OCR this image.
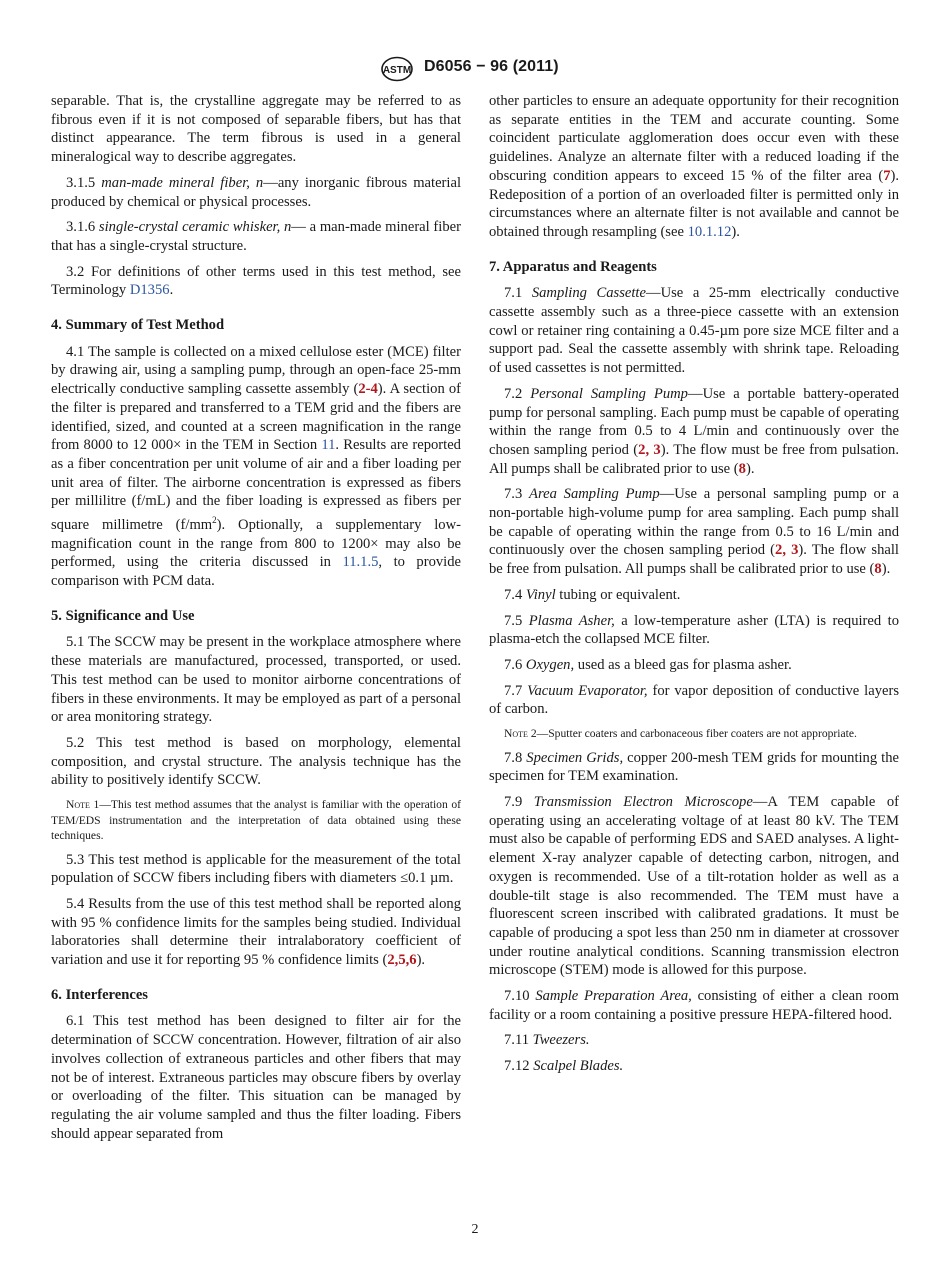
ASTM D6056 − 96 (2011)

separable. That is, the crystalline aggregate may be referred to as fibrous even if it is not composed of separable fibers, but has that distinct appearance. The term fibrous is used in a general mineralogical way to describe aggregates.

3.1.5 man-made mineral fiber, n—any inorganic fibrous material produced by chemical or physical processes.

3.1.6 single-crystal ceramic whisker, n— a man-made mineral fiber that has a single-crystal structure.

3.2 For definitions of other terms used in this test method, see Terminology D1356.

4. Summary of Test Method

4.1 The sample is collected on a mixed cellulose ester (MCE) filter by drawing air, using a sampling pump, through an open-face 25-mm electrically conductive sampling cassette assembly (2-4). A section of the filter is prepared and transferred to a TEM grid and the fibers are identified, sized, and counted at a screen magnification in the range from 8000 to 12 000× in the TEM in Section 11. Results are reported as a fiber concentration per unit volume of air and a fiber loading per unit area of filter. The airborne concentration is expressed as fibers per millilitre (f/mL) and the fiber loading is expressed as fibers per square millimetre $(f/mm^2)$. Optionally, a supplementary low-magnification count in the range from 800 to 1200× may also be performed, using the criteria discussed in 11.1.5, to provide comparison with PCM data.

5. Significance and Use

5.1 The SCCW may be present in the workplace atmosphere where these materials are manufactured, processed, transported, or used. This test method can be used to monitor airborne concentrations of fibers in these environments. It may be employed as part of a personal or area monitoring strategy.

5.2 This test method is based on morphology, elemental composition, and crystal structure. The analysis technique has the ability to positively identify SCCW.

Note 1—This test method assumes that the analyst is familiar with the operation of TEM/EDS instrumentation and the interpretation of data obtained using these techniques.

5.3 This test method is applicable for the measurement of the total population of SCCW fibers including fibers with diameters ≤0.1 µm.

5.4 Results from the use of this test method shall be reported along with 95 % confidence limits for the samples being studied. Individual laboratories shall determine their intralaboratory coefficient of variation and use it for reporting 95 % confidence limits (2,5,6).

6. Interferences

6.1 This test method has been designed to filter air for the determination of SCCW concentration. However, filtration of air also involves collection of extraneous particles and other fibers that may not be of interest. Extraneous particles may obscure fibers by overlay or overloading of the filter. This situation can be managed by regulating the air volume sampled and thus the filter loading. Fibers should appear separated from

other particles to ensure an adequate opportunity for their recognition as separate entities in the TEM and accurate counting. Some coincident particulate agglomeration does occur even with these guidelines. Analyze an alternate filter with a reduced loading if the obscuring condition appears to exceed 15 % of the filter area (7). Redeposition of a portion of an overloaded filter is permitted only in circumstances where an alternate filter is not available and cannot be obtained through resampling (see 10.1.12).

7. Apparatus and Reagents

7.1 Sampling Cassette—Use a 25-mm electrically conductive cassette assembly such as a three-piece cassette with an extension cowl or retainer ring containing a 0.45-µm pore size MCE filter and a support pad. Seal the cassette assembly with shrink tape. Reloading of used cassettes is not permitted.

7.2 Personal Sampling Pump—Use a portable battery-operated pump for personal sampling. Each pump must be capable of operating within the range from 0.5 to 4 L/min and continuously over the chosen sampling period (2, 3). The flow must be free from pulsation. All pumps shall be calibrated prior to use (8).

7.3 Area Sampling Pump—Use a personal sampling pump or a non-portable high-volume pump for area sampling. Each pump shall be capable of operating within the range from 0.5 to 16 L/min and continuously over the chosen sampling period (2, 3). The flow shall be free from pulsation. All pumps shall be calibrated prior to use (8).

7.4 Vinyl tubing or equivalent.

7.5 Plasma Asher, a low-temperature asher (LTA) is required to plasma-etch the collapsed MCE filter.

7.6 Oxygen, used as a bleed gas for plasma asher.

7.7 Vacuum Evaporator, for vapor deposition of conductive layers of carbon.

Note 2—Sputter coaters and carbonaceous fiber coaters are not appropriate.

7.8 Specimen Grids, copper 200-mesh TEM grids for mounting the specimen for TEM examination.

7.9 Transmission Electron Microscope—A TEM capable of operating using an accelerating voltage of at least 80 kV. The TEM must also be capable of performing EDS and SAED analyses. A light-element X-ray analyzer capable of detecting carbon, nitrogen, and oxygen is recommended. Use of a tilt-rotation holder as well as a double-tilt stage is also recommended. The TEM must have a fluorescent screen inscribed with calibrated gradations. It must be capable of producing a spot less than 250 nm in diameter at crossover under routine analytical conditions. Scanning transmission electron microscope (STEM) mode is allowed for this purpose.

7.10 Sample Preparation Area, consisting of either a clean room facility or a room containing a positive pressure HEPA-filtered hood.

7.11 Tweezers.

7.12 Scalpel Blades.

2
